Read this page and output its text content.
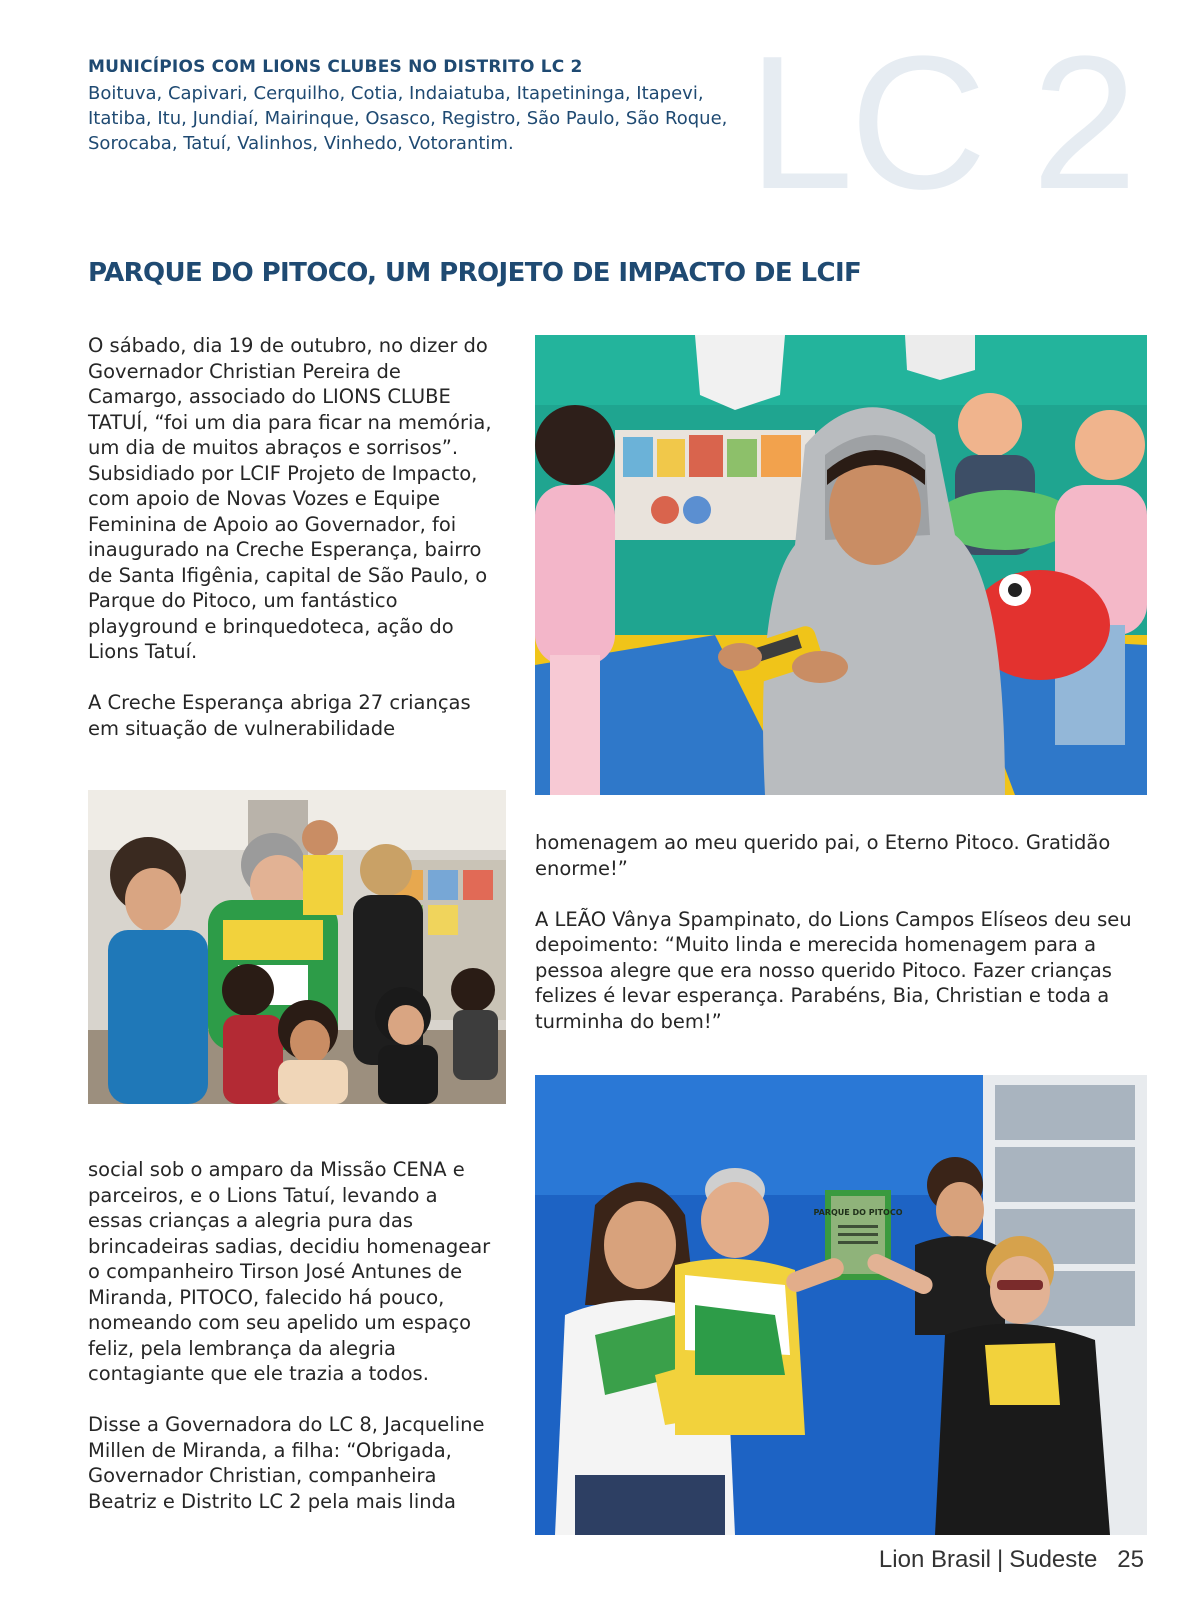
LC 2
MUNICÍPIOS COM LIONS CLUBES NO DISTRITO LC 2
Boituva, Capivari, Cerquilho, Cotia, Indaiatuba, Itapetininga, Itapevi, Itatiba, Itu, Jundiaí, Mairinque, Osasco, Registro, São Paulo, São Roque, Sorocaba, Tatuí, Valinhos, Vinhedo, Votorantim.
PARQUE DO PITOCO, UM PROJETO DE IMPACTO DE LCIF

O sábado, dia 19 de outubro, no dizer do Governador Christian Pereira de Camargo, associado do LIONS CLUBE TATUÍ, “foi um dia para ficar na memória, um dia de muitos abraços e sorrisos”. Subsidiado por LCIF Projeto de Impacto, com apoio de Novas Vozes e Equipe Feminina de Apoio ao Governador, foi inaugurado na Creche Esperança, bairro de Santa Ifigênia, capital de São Paulo, o Parque do Pitoco, um fantástico playground e brinquedoteca, ação do Lions Tatuí.

A Creche Esperança abriga 27 crianças em situação de vulnerabilidade

homenagem ao meu querido pai, o Eterno Pitoco. Gratidão enorme!”

A LEÃO Vânya Spampinato, do Lions Campos Elíseos deu seu depoimento: “Muito linda e merecida homenagem para a pessoa alegre que era nosso querido Pitoco. Fazer crianças felizes é levar esperança. Parabéns, Bia, Christian e toda a turminha do bem!”

social sob o amparo da Missão CENA e parceiros, e o Lions Tatuí, levando a essas crianças a alegria pura das brincadeiras sadias, decidiu homenagear o companheiro Tirson José Antunes de Miranda, PITOCO, falecido há pouco, nomeando com seu apelido um espaço feliz, pela lembrança da alegria contagiante que ele trazia a todos.

Disse a Governadora do LC 8, Jacqueline Millen de Miranda, a filha: “Obrigada, Governador Christian, companheira Beatriz e Distrito LC 2 pela mais linda

PARQUE DO PITOCO
Lion Brasil | Sudeste 25
